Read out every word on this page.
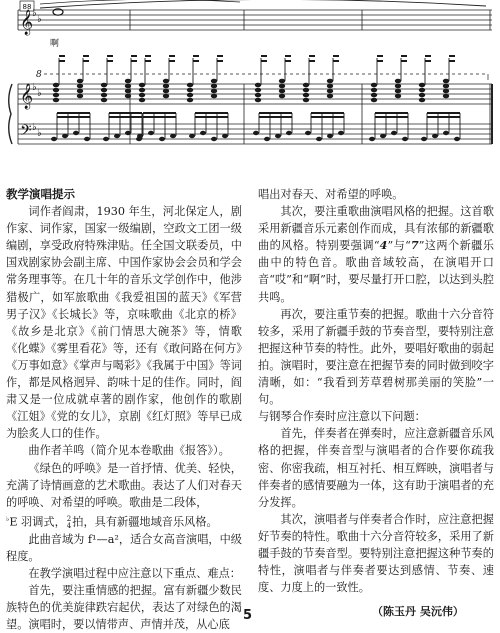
88
𝄞
𝄞
𝄢
♭
♭
♭
♭
♭
♭
啊
8

教学演唱提示

词作者阎肃，1930 年生，河北保定人，剧作家、词作家，国家一级编剧，空政文工团一级编剧，享受政府特殊津贴。任全国文联委员，中国戏剧家协会副主席、中国作家协会会员和学会常务理事等。在几十年的音乐文学创作中，他涉猎极广，如军旅歌曲《我爱祖国的蓝天》《军营男子汉》《长城长》等，京味歌曲《北京的桥》《故乡是北京》《前门情思大碗茶》等，情歌《化蝶》《雾里看花》等，还有《敢问路在何方》《万事如意》《掌声与喝彩》《我属于中国》等词作，都是风格迥异、韵味十足的佳作。同时，阎肃又是一位成就卓著的剧作家，他创作的歌剧《江姐》《党的女儿》，京剧《红灯照》等早已成为脍炙人口的佳作。

曲作者羊鸣（简介见本卷歌曲《报答》）。

《绿色的呼唤》是一首抒情、优美、轻快，充满了诗情画意的艺术歌曲。表达了人们对春天的呼唤、对希望的呼唤。歌曲是二段体，

♭E 羽调式， 2
4 拍，具有新疆地域音乐风格。

此曲音域为 f¹—a²，适合女高音演唱，中级程度。

在教学演唱过程中应注意以下重点、难点：

首先，要注重情感的把握。富有新疆少数民族特色的优美旋律跌宕起伏，表达了对绿色的渴望。演唱时，要以情带声、声情并茂，从心底

唱出对春天、对希望的呼唤。

其次，要注重歌曲演唱风格的把握。这首歌采用新疆音乐元素创作而成，具有浓郁的新疆歌曲的风格。特别要强调“4”与“7”这两个新疆乐曲中的特色音。歌曲音域较高，在演唱开口音“哎”和“啊”时，要尽量打开口腔，以达到头腔共鸣。

再次，要注重节奏的把握。歌曲十六分音符较多，采用了新疆手鼓的节奏音型，要特别注意把握这种节奏的特性。此外，要唱好歌曲的弱起拍。演唱时，要注意在把握节奏的同时做到咬字清晰，如：“我看到芳草碧树那美丽的笑脸”一句。

与钢琴合作奏时应注意以下问题：

首先，伴奏者在弹奏时，应注意新疆音乐风格的把握，伴奏音型与演唱者的合作要你疏我密、你密我疏，相互衬托、相互辉映，演唱者与伴奏者的感情要融为一体，这有助于演唱者的充分发挥。

其次，演唱者与伴奏者合作时，应注意把握好节奏的特性。歌曲十六分音符较多，采用了新疆手鼓的节奏音型。要特别注意把握这种节奏的特性，演唱者与伴奏者要达到感情、节奏、速度、力度上的一致性。

（陈玉丹 吴沅伟）
5
